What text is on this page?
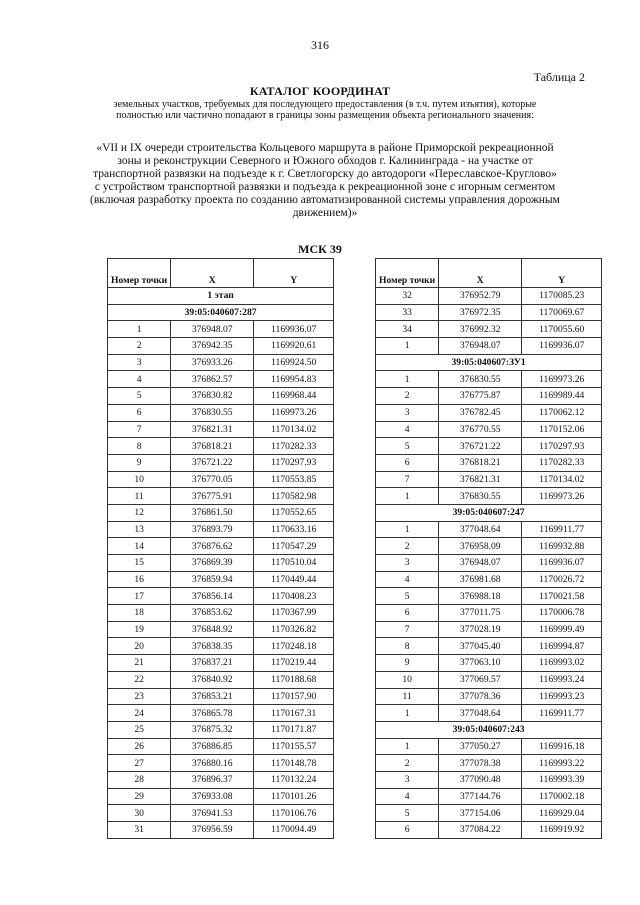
316
Таблица 2
КАТАЛОГ КООРДИНАТ
земельных участков, требуемых для последующего предоставления (в т.ч. путем изъятия), которые полностью или частично попадают в границы зоны размещения объекта регионального значения:
«VII и IX очереди строительства Кольцевого маршрута в районе Приморской рекреационной зоны и реконструкции Северного и Южного обходов г. Калининграда - на участке от транспортной развязки на подъезде к г. Светлогорску до автодороги «Переславское-Круглово» с устройством транспортной развязки и подъезда к рекреационной зоне с игорным сегментом (включая разработку проекта по созданию автоматизированной системы управления дорожным движением)»
МСК 39
Номер точки	X	Y
1 этап		
39:05:040607:287		
1	376948.07	1169936.07
2	376942.35	1169920.61
3	376933.26	1169924.50
4	376862.57	1169954.83
5	376830.82	1169968.44
6	376830.55	1169973.26
7	376821.31	1170134.02
8	376818.21	1170282.33
9	376721.22	1170297.93
10	376770.05	1170553.85
11	376775.91	1170582.98
12	376861.50	1170552.65
13	376893.79	1170633.16
14	376876.62	1170547.29
15	376869.39	1170510.04
16	376859.94	1170449.44
17	376856.14	1170408.23
18	376853.62	1170367.99
19	376848.92	1170326.82
20	376838.35	1170248.18
21	376837.21	1170219.44
22	376840.92	1170188.68
23	376853.21	1170157.90
24	376865.78	1170167.31
25	376875.32	1170171.87
26	376886.85	1170155.57
27	376880.16	1170148.78
28	376896.37	1170132.24
29	376933.08	1170101.26
30	376941.53	1170106.76
31	376956.59	1170094.49
Номер точки	X	Y
32	376952.79	1170085.23
33	376972.35	1170069.67
34	376992.32	1170055.60
1	376948.07	1169936.07
39:05:040607:ЗУ1		
1	376830.55	1169973.26
2	376775.87	1169989.44
3	376782.45	1170062.12
4	376770.55	1170152.06
5	376721.22	1170297.93
6	376818.21	1170282.33
7	376821.31	1170134.02
1	376830.55	1169973.26
39:05:040607:247		
1	377048.64	1169911.77
2	376958.09	1169932.88
3	376948.07	1169936.07
4	376981.68	1170026.72
5	376988.18	1170021.58
6	377011.75	1170006.78
7	377028.19	1169999.49
8	377045.40	1169994.87
9	377063.10	1169993.02
10	377069.57	1169993.24
11	377078.36	1169993.23
1	377048.64	1169911.77
39:05:040607:243		
1	377050.27	1169916.18
2	377078.38	1169993.22
3	377090.48	1169993.39
4	377144.76	1170002.18
5	377154.06	1169929.04
6	377084.22	1169919.92
